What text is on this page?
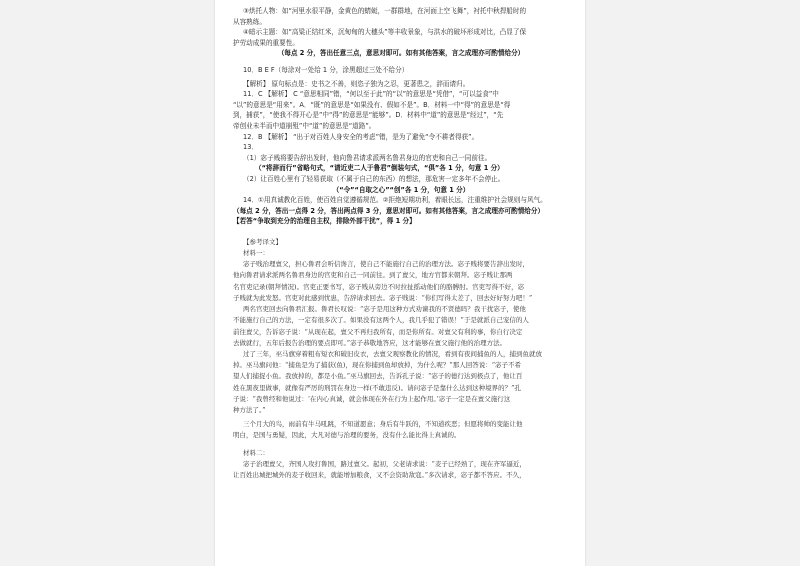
③烘托人物：如“河里水很平静，金黄色的蜻蜓，一群群地，在河面上空飞舞”，衬托中秋捍船时的
从容熟练。
④暗示主题：如“高粱正结红米，沉甸甸的大穗头”等丰收景象，与洪水的破坏形成对比，凸显了保
护劳动成果的重要性。
（每点 2 分，答出任意三点，意思对即可。如有其他答案，言之成理亦可酌情给分）
10．B E F（每涂对一处给 1 分，涂黑超过三处不给分）
【解析】 原句标点是：史书之不善，则恣子独为之忍，更著患之，辞而请归。
11．C 【解析】 C “意思相同”错，“何以至于此”的“以”的意思是“凭借”，“可以益食”中
“以”的意思是“用来”。A．“既”的意思是“如果没有、假如不是”。B．材料一中“得”的意思是“得
到，捕获”，“使我不得开心是”中“得”的意思是“能够”。D．材料中“道”的意思是“经过”，“先
帝创业未半而中道崩殂”中“道”的意思是“道路”。
12．B 【解析】 “出于对百姓人身安全的考虑”错，是为了避免“令不耕者得获”。
13．
（1）宓子贱将要告辞出发时，他向鲁君请求派两名鲁君身边的官吏和自己一同前往。
（“将辞而行”省略句式，“请近吏二人于鲁君”倒装句式，“俱”各 1 分，句意 1 分）
（2）让百姓心里有了轻易获取（不属于自己的东西）的想法，那危害一定多年不会停止。
（“令”“自取之心”“创”各 1 分，句意 1 分）
14．①用真诚教化百姓，使百姓自觉遵循规范。②拒绝短期功利，着眼长远，注重维护社会规则与风气。
（每点 2 分，答出一点得 2 分，答出两点得 3 分，意思对即可。如有其他答案，言之成理亦可酌情给分）
【若答“争取到充分的治理自主权，排除外部干扰”，得 1 分】
【参考译文】
材料一：
宓子贱治理亶父，担心鲁君会听信谗言，使自己不能施行自己的治理方法。宓子贱将要告辞出发时，
他向鲁君请求派两名鲁君身边的官吏和自己一同前往。到了亶父，地方官都来朝拜。宓子贱让那两
名官吏记录(朝拜情况)。官吏正要书写，宓子贱从旁边不时拉扯摇动他们的胳膊肘。官吏写得不好，宓
子贱就为此发怒。官吏对此感到忧患，告辞请求回去。宓子贱说：“你们写得太差了，回去好好努力吧！”
两名官吏回去向鲁君汇报。鲁君长叹说：“宓子是用这种方式劝谏我的不贤德吗？我干扰宓子，使他
不能施行自己的方法，一定有很多次了。如果没有这两个人，我几乎犯了错误！”于是就派自己宠信的人
前往亶父，告诉宓子说：“从现在起，亶父不再归我所有，而是你所有。对亶父有利的事，你自行决定
去做就行，五年后报告治理的要点即可。”宓子恭敬地答应，这才能够在亶父施行他的治理方法。
过了三年，巫马旗穿着粗布短衣和破旧皮衣，去亶父观察教化的情况，看到有夜间捕鱼的人，捕到鱼就放
掉。巫马旗问他：“捕鱼是为了捕获(鱼)，现在你捕到鱼却放掉，为什么呢？”那人回答说：“宓子不希
望人们捕捉小鱼。我放掉的，都是小鱼。”巫马旗回去，告诉孔子说：“宓子的德行达到极点了，他让百
姓在黑夜里做事，就像有严厉的刑罚在身边一样(不敢违反)。请问宓子是靠什么达到这种境界的？”孔
子说：“我曾经和他说过：‘在内心真诚，就会体现在外在行为上起作用。’宓子一定是在亶父施行这
种方法了。”
三个月大的鸟，雨前有牛马吼跳，不知道愿意；身后有牛跃的，不知道疾恶；但愿将帅的变能让他
明白，是国与勇疑，因此，大凡对德与治理的要务，没有什么能比得上真诚的。
材料二：
宓子治理亶父，齐国人攻打鲁国，路过亶父。起初，父老请求说：“麦子已经熟了，现在齐军逼近，
让百姓出城把城外的麦子收回来，就能增加粮食，又不会资助敌寇。”多次请求，宓子都不答应。不久，
